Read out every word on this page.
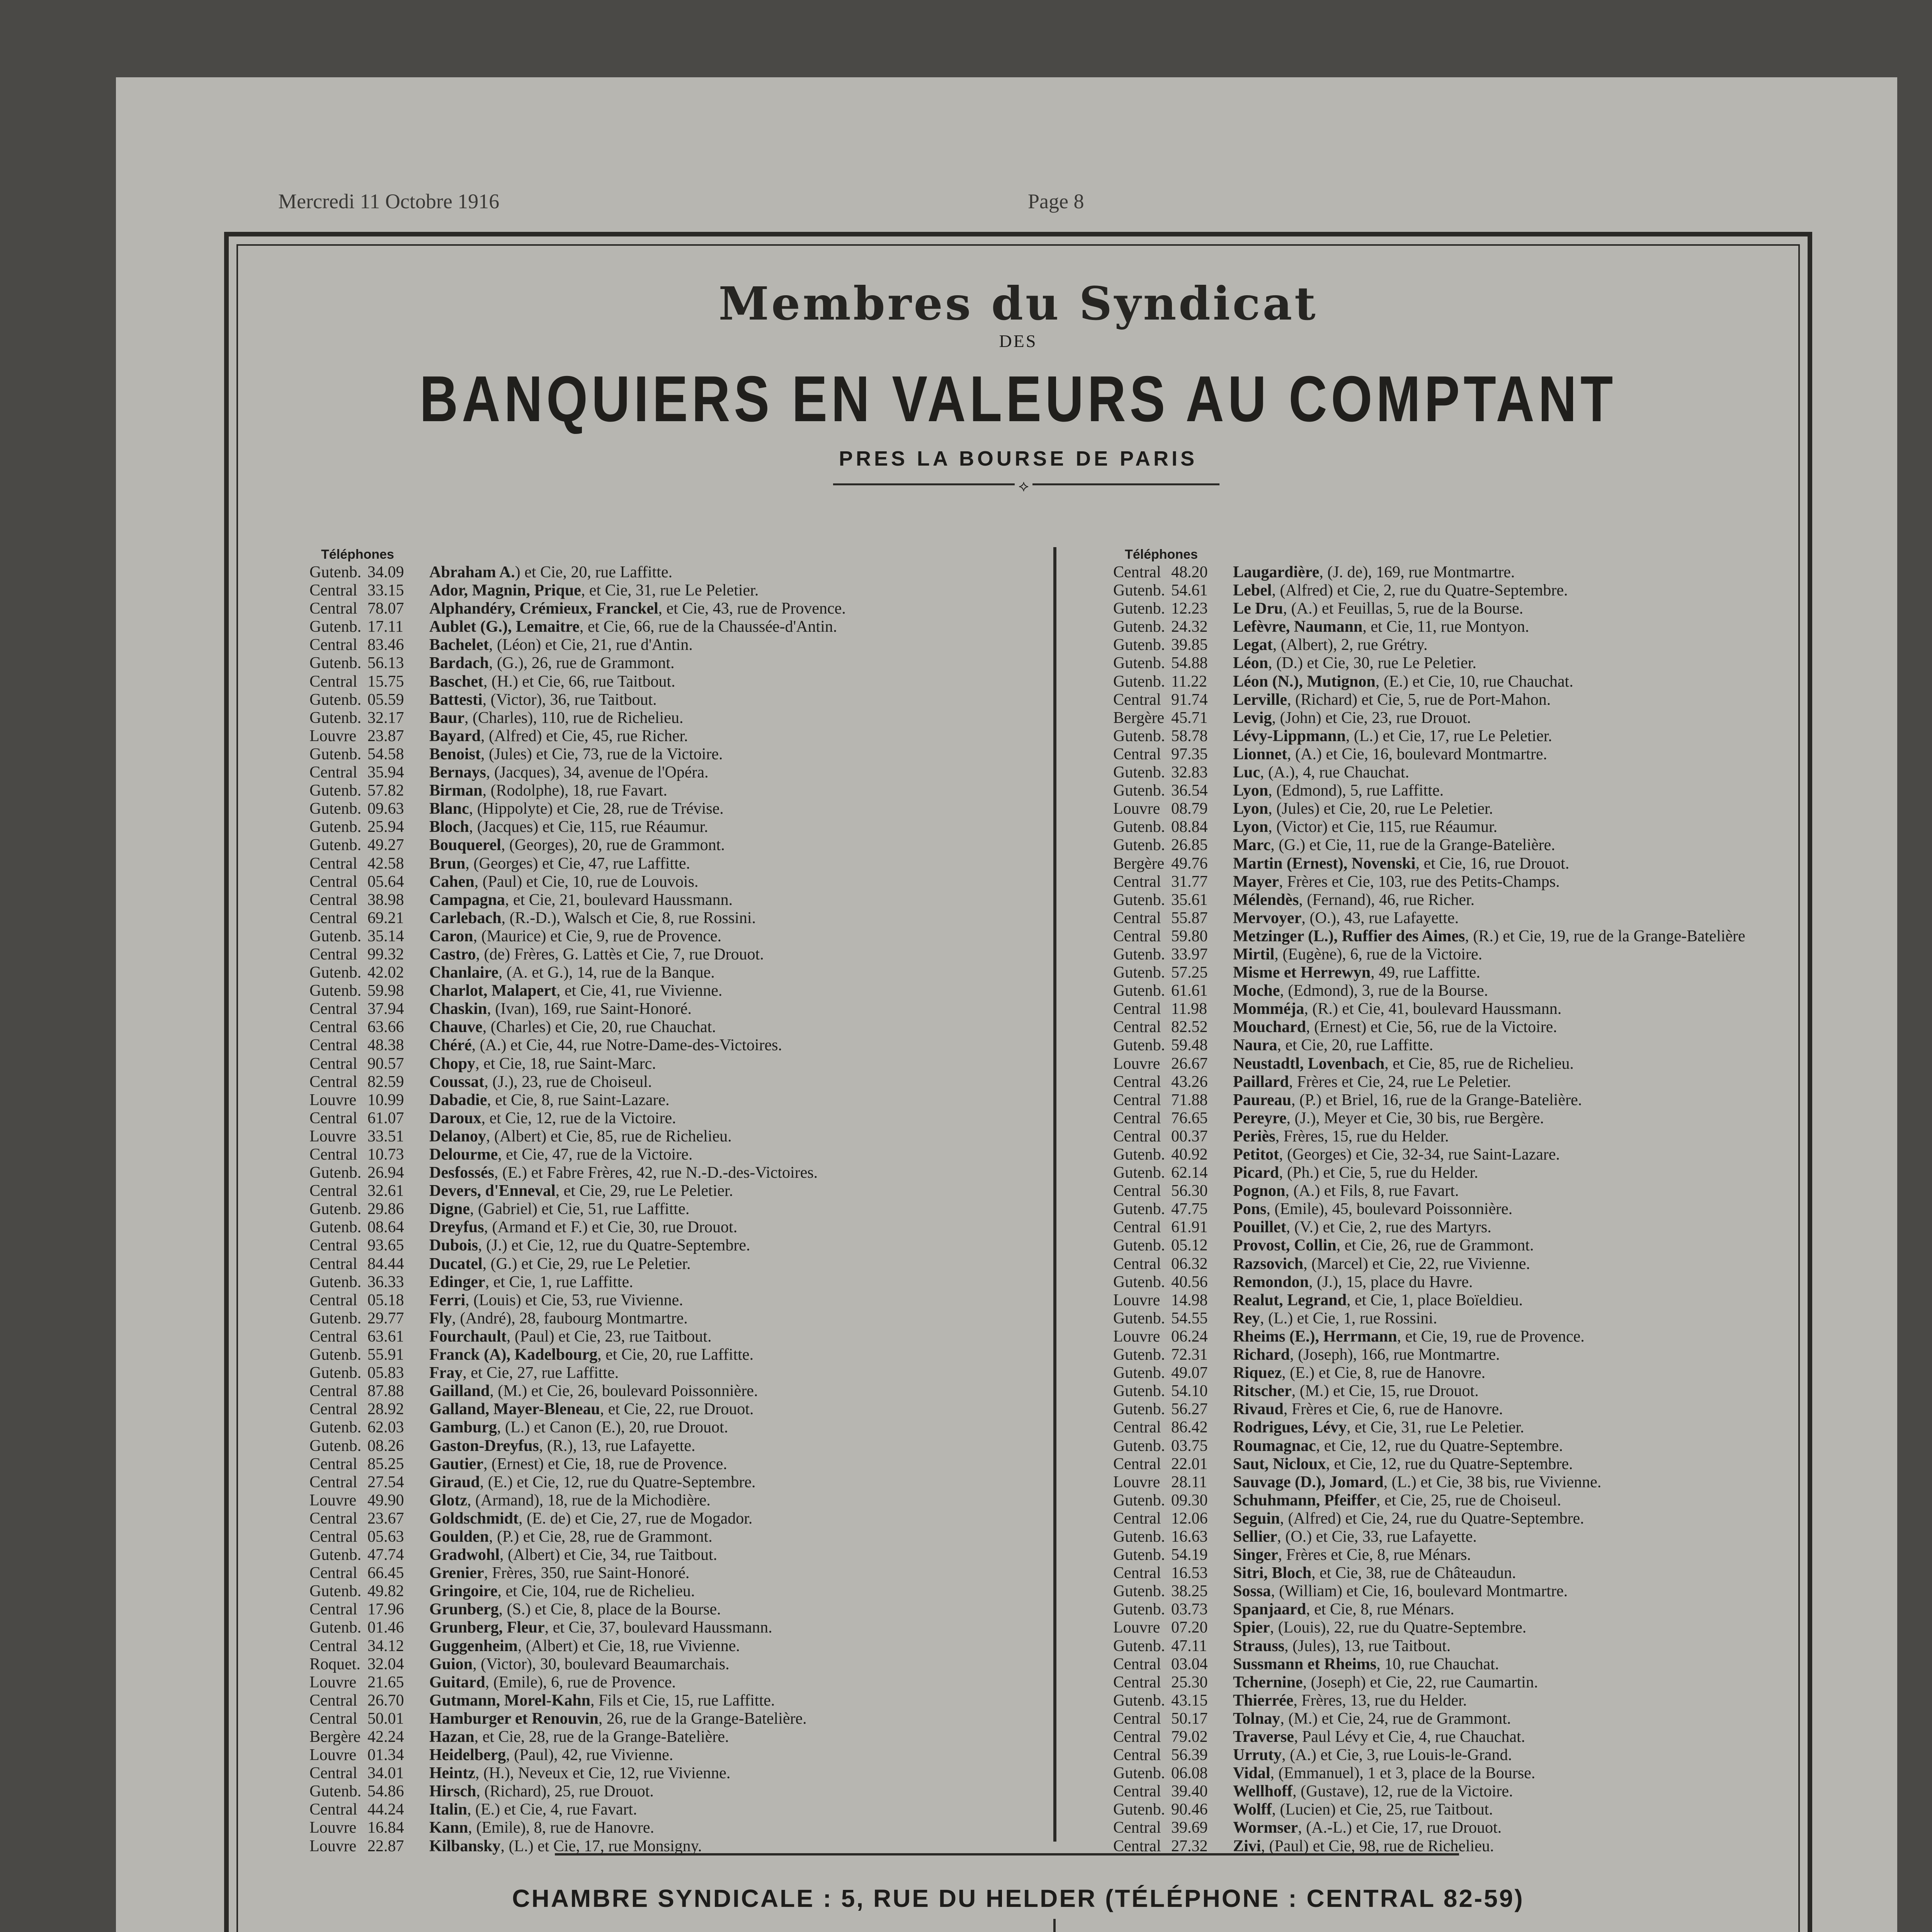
Mercredi 11 Octobre 1916	Page 8
Membres du Syndicat
DES
BANQUIERS EN VALEURS AU COMPTANT
PRES LA BOURSE DE PARIS
⟡
Téléphones
Gutenb. 34.09	Abraham A. ) et Cie, 20, rue Laffitte.
Central 33.15	Ador, Magnin, Prique , et Cie, 31, rue Le Peletier.
Central 78.07	Alphandéry, Crémieux, Franckel , et Cie, 43, rue de Provence.
Gutenb. 17.11	Aublet (G.), Lemaitre , et Cie, 66, rue de la Chaussée-d'Antin.
Central 83.46	Bachelet , (Léon) et Cie, 21, rue d'Antin.
Gutenb. 56.13	Bardach , (G.), 26, rue de Grammont.
Central 15.75	Baschet , (H.) et Cie, 66, rue Taitbout.
Gutenb. 05.59	Battesti , (Victor), 36, rue Taitbout.
Gutenb. 32.17	Baur , (Charles), 110, rue de Richelieu.
Louvre 23.87	Bayard , (Alfred) et Cie, 45, rue Richer.
Gutenb. 54.58	Benoist , (Jules) et Cie, 73, rue de la Victoire.
Central 35.94	Bernays , (Jacques), 34, avenue de l'Opéra.
Gutenb. 57.82	Birman , (Rodolphe), 18, rue Favart.
Gutenb. 09.63	Blanc , (Hippolyte) et Cie, 28, rue de Trévise.
Gutenb. 25.94	Bloch , (Jacques) et Cie, 115, rue Réaumur.
Gutenb. 49.27	Bouquerel , (Georges), 20, rue de Grammont.
Central 42.58	Brun , (Georges) et Cie, 47, rue Laffitte.
Central 05.64	Cahen , (Paul) et Cie, 10, rue de Louvois.
Central 38.98	Campagna , et Cie, 21, boulevard Haussmann.
Central 69.21	Carlebach , (R.-D.), Walsch et Cie, 8, rue Rossini.
Gutenb. 35.14	Caron , (Maurice) et Cie, 9, rue de Provence.
Central 99.32	Castro , (de) Frères, G. Lattès et Cie, 7, rue Drouot.
Gutenb. 42.02	Chanlaire , (A. et G.), 14, rue de la Banque.
Gutenb. 59.98	Charlot, Malapert , et Cie, 41, rue Vivienne.
Central 37.94	Chaskin , (Ivan), 169, rue Saint-Honoré.
Central 63.66	Chauve , (Charles) et Cie, 20, rue Chauchat.
Central 48.38	Chéré , (A.) et Cie, 44, rue Notre-Dame-des-Victoires.
Central 90.57	Chopy , et Cie, 18, rue Saint-Marc.
Central 82.59	Coussat , (J.), 23, rue de Choiseul.
Louvre 10.99	Dabadie , et Cie, 8, rue Saint-Lazare.
Central 61.07	Daroux , et Cie, 12, rue de la Victoire.
Louvre 33.51	Delanoy , (Albert) et Cie, 85, rue de Richelieu.
Central 10.73	Delourme , et Cie, 47, rue de la Victoire.
Gutenb. 26.94	Desfossés , (E.) et Fabre Frères, 42, rue N.-D.-des-Victoires.
Central 32.61	Devers, d'Enneval , et Cie, 29, rue Le Peletier.
Gutenb. 29.86	Digne , (Gabriel) et Cie, 51, rue Laffitte.
Gutenb. 08.64	Dreyfus , (Armand et F.) et Cie, 30, rue Drouot.
Central 93.65	Dubois , (J.) et Cie, 12, rue du Quatre-Septembre.
Central 84.44	Ducatel , (G.) et Cie, 29, rue Le Peletier.
Gutenb. 36.33	Edinger , et Cie, 1, rue Laffitte.
Central 05.18	Ferri , (Louis) et Cie, 53, rue Vivienne.
Gutenb. 29.77	Fly , (André), 28, faubourg Montmartre.
Central 63.61	Fourchault , (Paul) et Cie, 23, rue Taitbout.
Gutenb. 55.91	Franck (A), Kadelbourg , et Cie, 20, rue Laffitte.
Gutenb. 05.83	Fray , et Cie, 27, rue Laffitte.
Central 87.88	Gailland , (M.) et Cie, 26, boulevard Poissonnière.
Central 28.92	Galland, Mayer-Bleneau , et Cie, 22, rue Drouot.
Gutenb. 62.03	Gamburg , (L.) et Canon (E.), 20, rue Drouot.
Gutenb. 08.26	Gaston-Dreyfus , (R.), 13, rue Lafayette.
Central 85.25	Gautier , (Ernest) et Cie, 18, rue de Provence.
Central 27.54	Giraud , (E.) et Cie, 12, rue du Quatre-Septembre.
Louvre 49.90	Glotz , (Armand), 18, rue de la Michodière.
Central 23.67	Goldschmidt , (E. de) et Cie, 27, rue de Mogador.
Central 05.63	Goulden , (P.) et Cie, 28, rue de Grammont.
Gutenb. 47.74	Gradwohl , (Albert) et Cie, 34, rue Taitbout.
Central 66.45	Grenier , Frères, 350, rue Saint-Honoré.
Gutenb. 49.82	Gringoire , et Cie, 104, rue de Richelieu.
Central 17.96	Grunberg , (S.) et Cie, 8, place de la Bourse.
Gutenb. 01.46	Grunberg, Fleur , et Cie, 37, boulevard Haussmann.
Central 34.12	Guggenheim , (Albert) et Cie, 18, rue Vivienne.
Roquet. 32.04	Guion , (Victor), 30, boulevard Beaumarchais.
Louvre 21.65	Guitard , (Emile), 6, rue de Provence.
Central 26.70	Gutmann, Morel-Kahn , Fils et Cie, 15, rue Laffitte.
Central 50.01	Hamburger et Renouvin , 26, rue de la Grange-Batelière.
Bergère 42.24	Hazan , et Cie, 28, rue de la Grange-Batelière.
Louvre 01.34	Heidelberg , (Paul), 42, rue Vivienne.
Central 34.01	Heintz , (H.), Neveux et Cie, 12, rue Vivienne.
Gutenb. 54.86	Hirsch , (Richard), 25, rue Drouot.
Central 44.24	Italin , (E.) et Cie, 4, rue Favart.
Louvre 16.84	Kann , (Emile), 8, rue de Hanovre.
Louvre 22.87	Kilbansky , (L.) et Cie, 17, rue Monsigny.
Téléphones
Central 48.20	Laugardière , (J. de), 169, rue Montmartre.
Gutenb. 54.61	Lebel , (Alfred) et Cie, 2, rue du Quatre-Septembre.
Gutenb. 12.23	Le Dru , (A.) et Feuillas, 5, rue de la Bourse.
Gutenb. 24.32	Lefèvre, Naumann , et Cie, 11, rue Montyon.
Gutenb. 39.85	Legat , (Albert), 2, rue Grétry.
Gutenb. 54.88	Léon , (D.) et Cie, 30, rue Le Peletier.
Gutenb. 11.22	Léon (N.), Mutignon , (E.) et Cie, 10, rue Chauchat.
Central 91.74	Lerville , (Richard) et Cie, 5, rue de Port-Mahon.
Bergère 45.71	Levig , (John) et Cie, 23, rue Drouot.
Gutenb. 58.78	Lévy-Lippmann , (L.) et Cie, 17, rue Le Peletier.
Central 97.35	Lionnet , (A.) et Cie, 16, boulevard Montmartre.
Gutenb. 32.83	Luc , (A.), 4, rue Chauchat.
Gutenb. 36.54	Lyon , (Edmond), 5, rue Laffitte.
Louvre 08.79	Lyon , (Jules) et Cie, 20, rue Le Peletier.
Gutenb. 08.84	Lyon , (Victor) et Cie, 115, rue Réaumur.
Gutenb. 26.85	Marc , (G.) et Cie, 11, rue de la Grange-Batelière.
Bergère 49.76	Martin (Ernest), Novenski , et Cie, 16, rue Drouot.
Central 31.77	Mayer , Frères et Cie, 103, rue des Petits-Champs.
Gutenb. 35.61	Mélendès , (Fernand), 46, rue Richer.
Central 55.87	Mervoyer , (O.), 43, rue Lafayette.
Central 59.80	Metzinger (L.), Ruffier des Aimes , (R.) et Cie, 19, rue de la Grange-Batelière
Gutenb. 33.97	Mirtil , (Eugène), 6, rue de la Victoire.
Gutenb. 57.25	Misme et Herrewyn , 49, rue Laffitte.
Gutenb. 61.61	Moche , (Edmond), 3, rue de la Bourse.
Central 11.98	Momméja , (R.) et Cie, 41, boulevard Haussmann.
Central 82.52	Mouchard , (Ernest) et Cie, 56, rue de la Victoire.
Gutenb. 59.48	Naura , et Cie, 20, rue Laffitte.
Louvre 26.67	Neustadtl, Lovenbach , et Cie, 85, rue de Richelieu.
Central 43.26	Paillard , Frères et Cie, 24, rue Le Peletier.
Central 71.88	Paureau , (P.) et Briel, 16, rue de la Grange-Batelière.
Central 76.65	Pereyre , (J.), Meyer et Cie, 30 bis, rue Bergère.
Central 00.37	Periès , Frères, 15, rue du Helder.
Gutenb. 40.92	Petitot , (Georges) et Cie, 32-34, rue Saint-Lazare.
Gutenb. 62.14	Picard , (Ph.) et Cie, 5, rue du Helder.
Central 56.30	Pognon , (A.) et Fils, 8, rue Favart.
Gutenb. 47.75	Pons , (Emile), 45, boulevard Poissonnière.
Central 61.91	Pouillet , (V.) et Cie, 2, rue des Martyrs.
Gutenb. 05.12	Provost, Collin , et Cie, 26, rue de Grammont.
Central 06.32	Razsovich , (Marcel) et Cie, 22, rue Vivienne.
Gutenb. 40.56	Remondon , (J.), 15, place du Havre.
Louvre 14.98	Realut, Legrand , et Cie, 1, place Boïeldieu.
Gutenb. 54.55	Rey , (L.) et Cie, 1, rue Rossini.
Louvre 06.24	Rheims (E.), Herrmann , et Cie, 19, rue de Provence.
Gutenb. 72.31	Richard , (Joseph), 166, rue Montmartre.
Gutenb. 49.07	Riquez , (E.) et Cie, 8, rue de Hanovre.
Gutenb. 54.10	Ritscher , (M.) et Cie, 15, rue Drouot.
Gutenb. 56.27	Rivaud , Frères et Cie, 6, rue de Hanovre.
Central 86.42	Rodrigues, Lévy , et Cie, 31, rue Le Peletier.
Gutenb. 03.75	Roumagnac , et Cie, 12, rue du Quatre-Septembre.
Central 22.01	Saut, Nicloux , et Cie, 12, rue du Quatre-Septembre.
Louvre 28.11	Sauvage (D.), Jomard , (L.) et Cie, 38 bis, rue Vivienne.
Gutenb. 09.30	Schuhmann, Pfeiffer , et Cie, 25, rue de Choiseul.
Central 12.06	Seguin , (Alfred) et Cie, 24, rue du Quatre-Septembre.
Gutenb. 16.63	Sellier , (O.) et Cie, 33, rue Lafayette.
Gutenb. 54.19	Singer , Frères et Cie, 8, rue Ménars.
Central 16.53	Sitri, Bloch , et Cie, 38, rue de Châteaudun.
Gutenb. 38.25	Sossa , (William) et Cie, 16, boulevard Montmartre.
Gutenb. 03.73	Spanjaard , et Cie, 8, rue Ménars.
Louvre 07.20	Spier , (Louis), 22, rue du Quatre-Septembre.
Gutenb. 47.11	Strauss , (Jules), 13, rue Taitbout.
Central 03.04	Sussmann et Rheims , 10, rue Chauchat.
Central 25.30	Tchernine , (Joseph) et Cie, 22, rue Caumartin.
Gutenb. 43.15	Thierrée , Frères, 13, rue du Helder.
Central 50.17	Tolnay , (M.) et Cie, 24, rue de Grammont.
Central 79.02	Traverse , Paul Lévy et Cie, 4, rue Chauchat.
Central 56.39	Urruty , (A.) et Cie, 3, rue Louis-le-Grand.
Gutenb. 06.08	Vidal , (Emmanuel), 1 et 3, place de la Bourse.
Central 39.40	Wellhoff , (Gustave), 12, rue de la Victoire.
Gutenb. 90.46	Wolff , (Lucien) et Cie, 25, rue Taitbout.
Central 39.69	Wormser , (A.-L.) et Cie, 17, rue Drouot.
Central 27.32	Zivi , (Paul) et Cie, 98, rue de Richelieu.
CHAMBRE SYNDICALE : 5, RUE DU HELDER (TÉLÉPHONE : CENTRAL 82-59)
